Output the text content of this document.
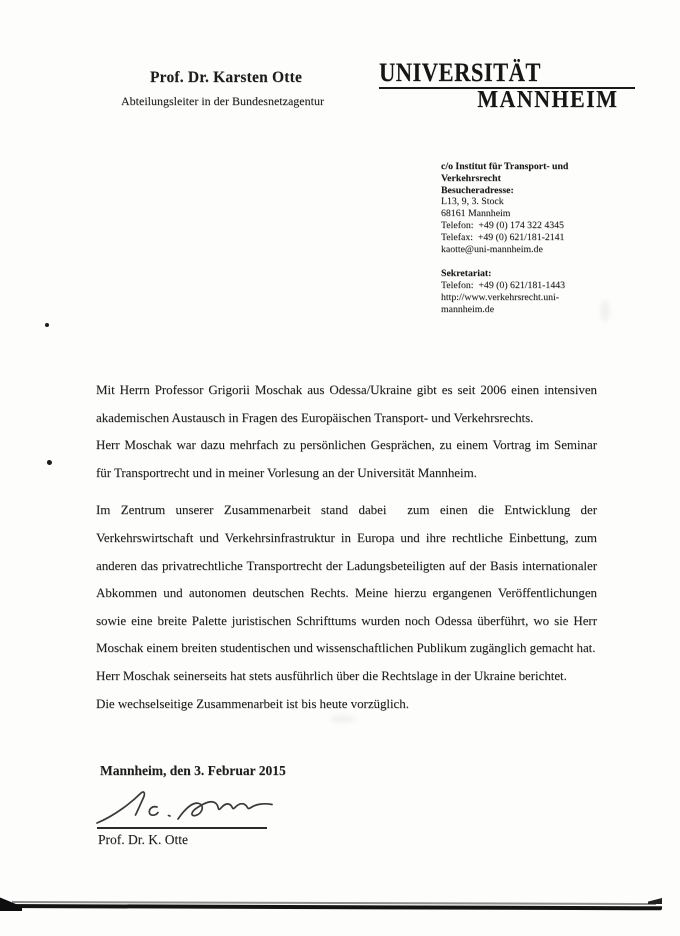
Prof. Dr. Karsten Otte
Abteilungsleiter in der Bundesnetzagentur
UNIVERSITÄT
MANNHEIM
c/o Institut für Transport- und
Verkehrsrecht
Besucheradresse:
L13, 9, 3. Stock
68161 Mannheim
Telefon:  +49 (0) 174 322 4345
Telefax:  +49 (0) 621/181-2141
kaotte@uni-mannheim.de
Sekretariat:
Telefon:  +49 (0) 621/181-1443
http://www.verkehrsrecht.uni-
mannheim.de
Mit Herrn Professor Grigorii Moschak aus Odessa/Ukraine gibt es seit 2006 einen intensiven
akademischen Austausch in Fragen des Europäischen Transport- und Verkehrsrechts.
Herr Moschak war dazu mehrfach zu persönlichen Gesprächen, zu einem Vortrag im Seminar
für Transportrecht und in meiner Vorlesung an der Universität Mannheim.
Im Zentrum unserer Zusammenarbeit stand dabei  zum einen die Entwicklung der
Verkehrswirtschaft und Verkehrsinfrastruktur in Europa und ihre rechtliche Einbettung, zum
anderen das privatrechtliche Transportrecht der Ladungsbeteiligten auf der Basis internationaler
Abkommen und autonomen deutschen Rechts. Meine hierzu ergangenen Veröffentlichungen
sowie eine breite Palette juristischen Schrifttums wurden noch Odessa überführt, wo sie Herr
Moschak einem breiten studentischen und wissenschaftlichen Publikum zugänglich gemacht hat.
Herr Moschak seinerseits hat stets ausführlich über die Rechtslage in der Ukraine berichtet.
Die wechselseitige Zusammenarbeit ist bis heute vorzüglich.
Mannheim, den 3. Februar 2015
Prof. Dr. K. Otte
